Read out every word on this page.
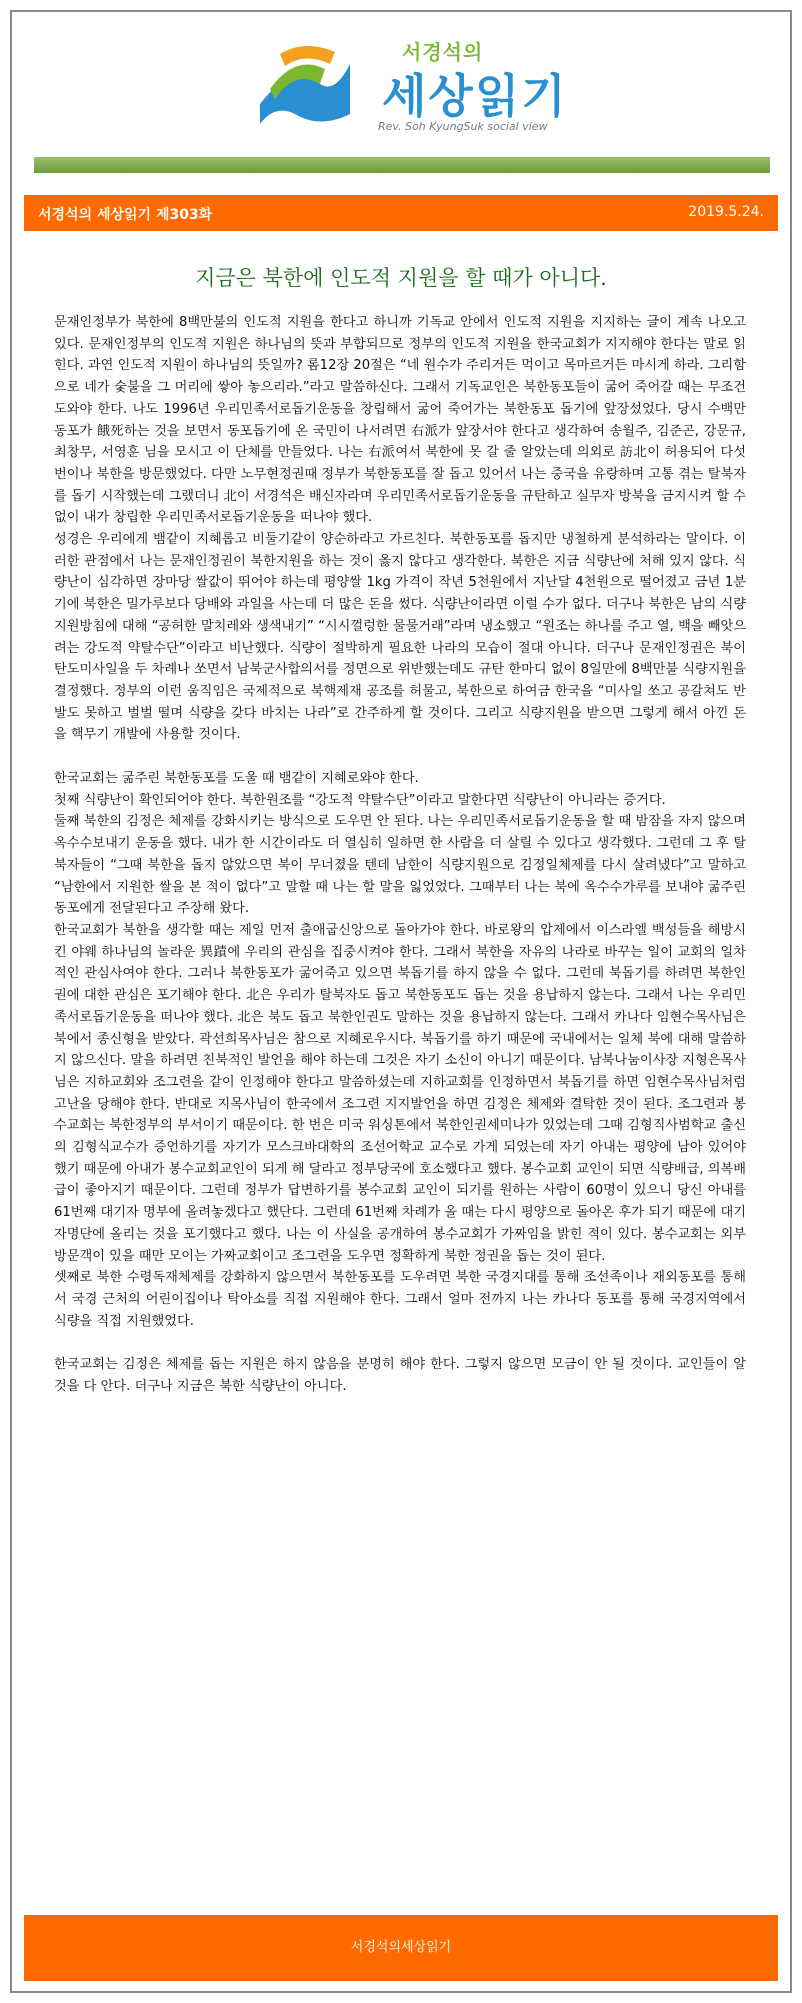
서경석의
세상읽기
Rev. Soh KyungSuk social view
서경석의 세상읽기 제303화	2019.5.24.
지금은 북한에 인도적 지원을 할 때가 아니다.

문재인정부가 북한에 8백만불의 인도적 지원을 한다고 하니까 기독교 안에서 인도적 지원을 지지하는 글이 계속 나오고 있다. 문재인정부의 인도적 지원은 하나님의 뜻과 부합되므로 정부의 인도적 지원을 한국교회가 지지해야 한다는 말로 읽힌다. 과연 인도적 지원이 하나님의 뜻일까? 롬12장 20절은 “네 원수가 주리거든 먹이고 목마르거든 마시게 하라. 그리함으로 네가 숯불을 그 머리에 쌓아 놓으리라.”라고 말씀하신다. 그래서 기독교인은 북한동포들이 굶어 죽어갈 때는 무조건 도와야 한다. 나도 1996년 우리민족서로돕기운동을 창립해서 굶어 죽어가는 북한동포 돕기에 앞장섰었다. 당시 수백만 동포가 餓死하는 것을 보면서 동포돕기에 온 국민이 나서려면 右派가 앞장서야 한다고 생각하여 송월주, 김준곤, 강문규, 최창무, 서영훈 님을 모시고 이 단체를 만들었다. 나는 右派여서 북한에 못 갈 줄 알았는데 의외로 訪北이 허용되어 다섯 번이나 북한을 방문했었다. 다만 노무현정권때 정부가 북한동포를 잘 돕고 있어서 나는 중국을 유랑하며 고통 겪는 탈북자를 돕기 시작했는데 그랬더니 北이 서경석은 배신자라며 우리민족서로돕기운동을 규탄하고 실무자 방북을 금지시켜 할 수 없이 내가 창립한 우리민족서로돕기운동을 떠나야 했다.

성경은 우리에게 뱀같이 지혜롭고 비둘기같이 양순하라고 가르친다. 북한동포를 돕지만 냉철하게 분석하라는 말이다. 이러한 관점에서 나는 문재인정권이 북한지원을 하는 것이 옳지 않다고 생각한다. 북한은 지금 식량난에 처해 있지 않다. 식량난이 심각하면 장마당 쌀값이 뛰어야 하는데 평양쌀 1kg 가격이 작년 5천원에서 지난달 4천원으로 떨어졌고 금년 1분기에 북한은 밀가루보다 당배와 과일을 사는데 더 많은 돈을 썼다. 식량난이라면 이럴 수가 없다. 더구나 북한은 남의 식량지원방침에 대해 “공허한 말치레와 생색내기” “시시껄렁한 물물거래”라며 냉소했고 “원조는 하나를 주고 열, 백을 빼앗으려는 강도적 약탈수단”이라고 비난했다. 식량이 절박하게 필요한 나라의 모습이 절대 아니다. 더구나 문재인정권은 북이 탄도미사일을 두 차례나 쏘면서 남북군사합의서를 정면으로 위반했는데도 규탄 한마디 없이 8일만에 8백만불 식량지원을 결정했다. 정부의 이런 움직임은 국제적으로 북핵제재 공조를 허물고, 북한으로 하여금 한국을 “미사일 쏘고 공갈쳐도 반발도 못하고 벌벌 떨며 식량을 갖다 바치는 나라”로 간주하게 할 것이다. 그리고 식량지원을 받으면 그렇게 해서 아낀 돈을 핵무기 개발에 사용할 것이다.

한국교회는 굶주린 북한동포를 도울 때 뱀같이 지혜로와야 한다.

첫째 식량난이 확인되어야 한다. 북한원조를 “강도적 약탈수단”이라고 말한다면 식량난이 아니라는 증거다.

둘째 북한의 김정은 체제를 강화시키는 방식으로 도우면 안 된다. 나는 우리민족서로돕기운동을 할 때 밤잠을 자지 않으며 옥수수보내기 운동을 했다. 내가 한 시간이라도 더 열심히 일하면 한 사람을 더 살릴 수 있다고 생각했다. 그런데 그 후 탈북자들이 “그때 북한을 돕지 않았으면 북이 무너졌을 텐데 남한이 식량지원으로 김정일체제를 다시 살려냈다”고 말하고 “남한에서 지원한 쌀을 본 적이 없다”고 말할 때 나는 할 말을 잃었었다. 그때부터 나는 북에 옥수수가루를 보내야 굶주린 동포에게 전달된다고 주장해 왔다.

한국교회가 북한을 생각할 때는 제일 먼저 출애굽신앙으로 돌아가야 한다. 바로왕의 압제에서 이스라엘 백성들을 해방시킨 야웨 하나님의 놀라운 異蹟에 우리의 관심을 집중시켜야 한다. 그래서 북한을 자유의 나라로 바꾸는 일이 교회의 일차적인 관심사여야 한다. 그러나 북한동포가 굶어죽고 있으면 북돕기를 하지 않을 수 없다. 그런데 북돕기를 하려면 북한인권에 대한 관심은 포기해야 한다. 北은 우리가 탈북자도 돕고 북한동포도 돕는 것을 용납하지 않는다. 그래서 나는 우리민족서로돕기운동을 떠나야 했다. 北은 북도 돕고 북한인권도 말하는 것을 용납하지 않는다. 그래서 카나다 임현수목사님은 북에서 종신형을 받았다. 곽선희목사님은 참으로 지혜로우시다. 북돕기를 하기 때문에 국내에서는 일체 북에 대해 말씀하지 않으신다. 말을 하려면 친북적인 발언을 해야 하는데 그것은 자기 소신이 아니기 때문이다. 남북나눔이사장 지형은목사님은 지하교회와 조그련을 같이 인정해야 한다고 말씀하셨는데 지하교회를 인정하면서 북돕기를 하면 임현수목사님처럼 고난을 당해야 한다. 반대로 지목사님이 한국에서 조그련 지지발언을 하면 김정은 체제와 결탁한 것이 된다. 조그련과 봉수교회는 북한정부의 부서이기 때문이다. 한 번은 미국 워싱톤에서 북한인권세미나가 있었는데 그때 김형직사범학교 출신의 김형식교수가 증언하기를 자기가 모스크바대학의 조선어학교 교수로 가게 되었는데 자기 아내는 평양에 남아 있어야 했기 때문에 아내가 봉수교회교인이 되게 해 달라고 정부당국에 호소했다고 했다. 봉수교회 교인이 되면 식량배급, 의복배급이 좋아지기 때문이다. 그런데 정부가 답변하기를 봉수교회 교인이 되기를 원하는 사람이 60명이 있으니 당신 아내를 61번째 대기자 명부에 올려놓겠다고 했단다. 그런데 61번째 차례가 올 때는 다시 평양으로 돌아온 후가 되기 때문에 대기자명단에 올리는 것을 포기했다고 했다. 나는 이 사실을 공개하여 봉수교회가 가짜임을 밝힌 적이 있다. 봉수교회는 외부 방문객이 있을 때만 모이는 가짜교회이고 조그련을 도우면 정확하게 북한 정권을 돕는 것이 된다.

셋째로 북한 수령독재체제를 강화하지 않으면서 북한동포를 도우려면 북한 국경지대를 통해 조선족이나 재외동포를 통해서 국경 근처의 어린이집이나 탁아소를 직접 지원해야 한다. 그래서 얼마 전까지 나는 카나다 동포를 통해 국경지역에서 식량을 직접 지원했었다.

한국교회는 김정은 체제를 돕는 지원은 하지 않음을 분명히 해야 한다. 그렇지 않으면 모금이 안 될 것이다. 교인들이 알 것을 다 안다. 더구나 지금은 북한 식량난이 아니다.

서경석의세상읽기
